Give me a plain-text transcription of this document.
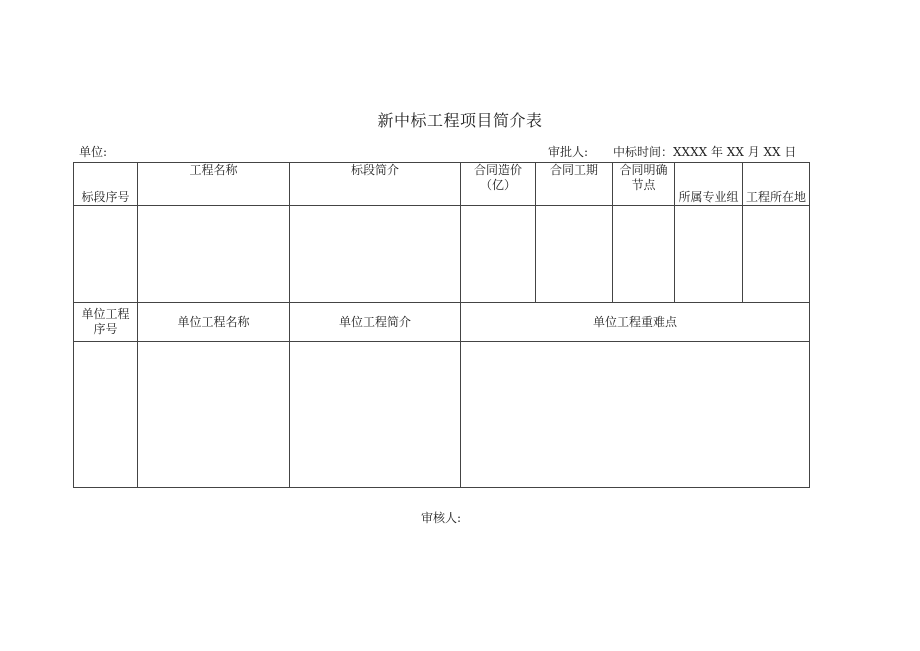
新中标工程项目简介表
单位:	审批人: 中标时间：XXXX 年 XX 月 XX 日
标段序号	工程名称	标段简介	合同造价（亿）	合同工期	合同明确节点	所属专业组	工程所在地

单位工程序号	单位工程名称	单位工程简介	单位工程重难点				

审核人:
